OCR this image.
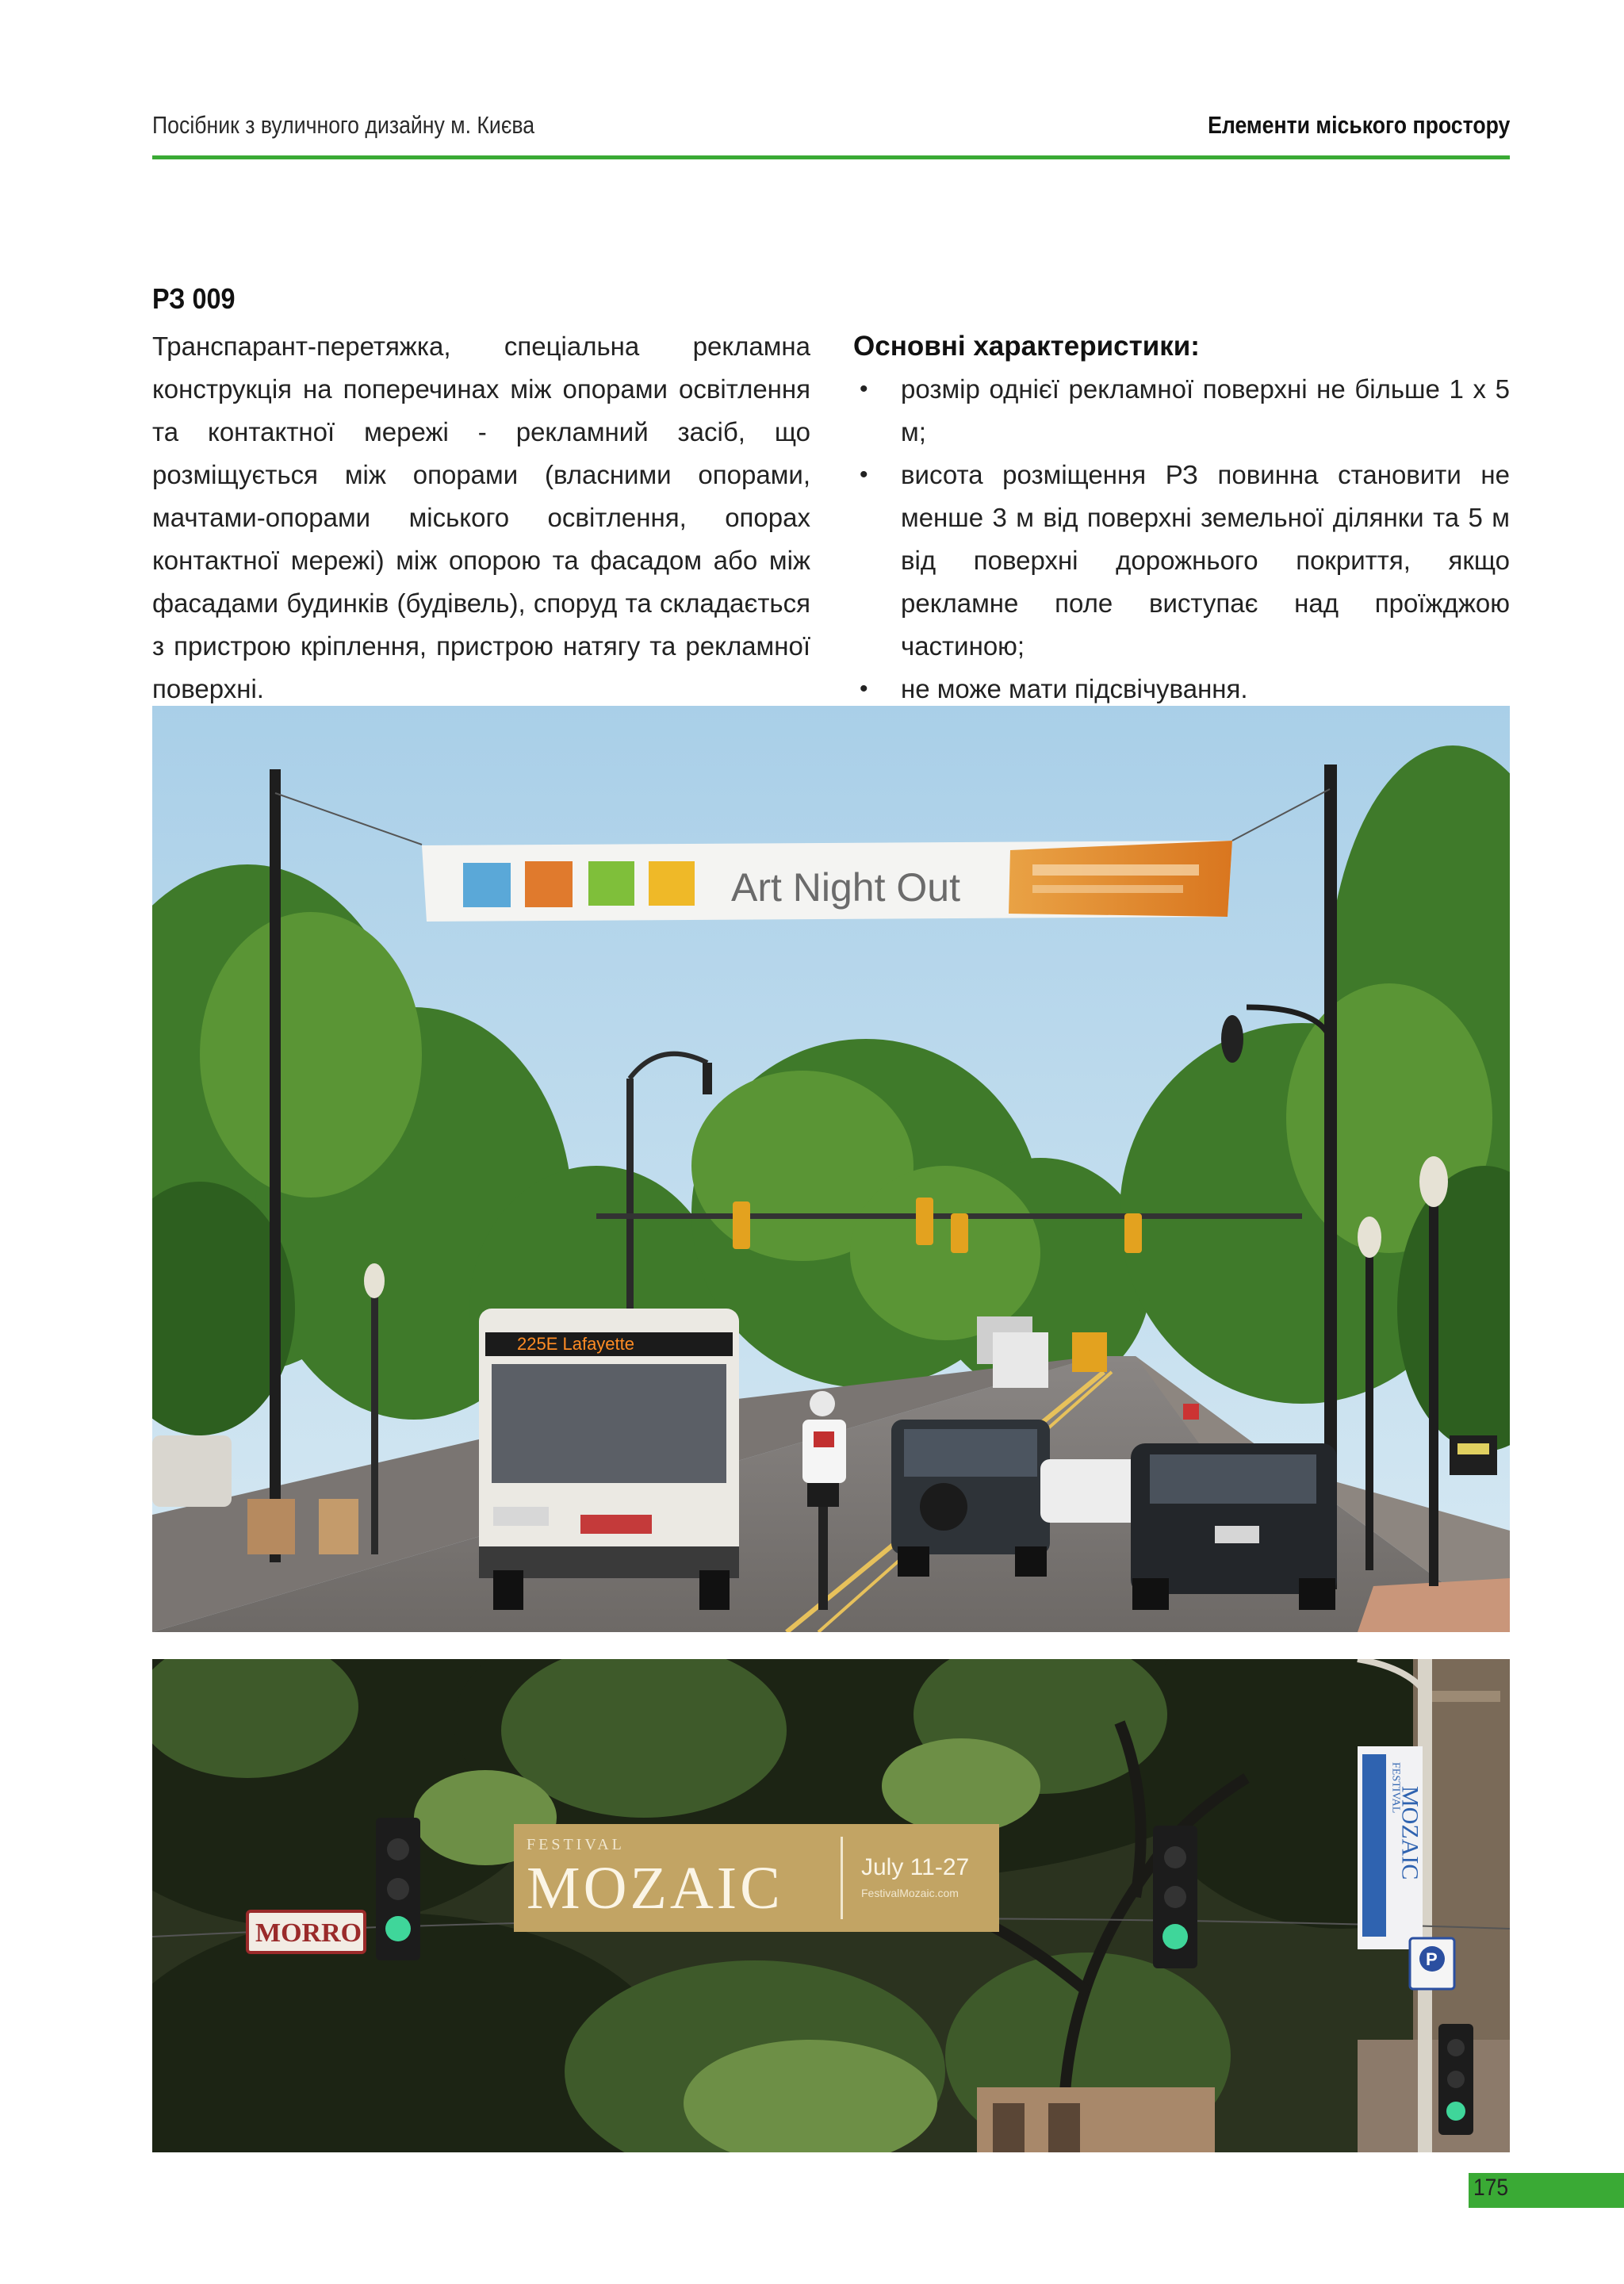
Посібник з вуличного дизайну м. Києва	Елементи міського простору
РЗ 009
Транспарант-перетяжка, спеціальна рекламна конструкція на поперечинах між опорами освітлення та контактної мережі - рекламний засіб, що розміщується між опорами (власними опорами, мачтами-опорами міського освітлення, опорах контактної мережі) між опорою та фасадом або між фасадами будинків (будівель), споруд та складається з пристрою кріплення, пристрою натягу та рекламної поверхні.

Основні характеристики:

• розмір однієї рекламної поверхні не більше 1 х 5 м;
• висота розміщення РЗ повинна становити не менше 3 м від поверхні земельної ділянки та 5 м від поверхні дорожнього покриття, якщо рекламне поле виступає над проїжджою частиною;
• не може мати підсвічування.
Art Night Out
225E Lafayette
MORRO
FESTIVAL
MOZAIC	July 11-27
FestivalMozaic.com
FESTIVAL
MOZAIC
P
175
